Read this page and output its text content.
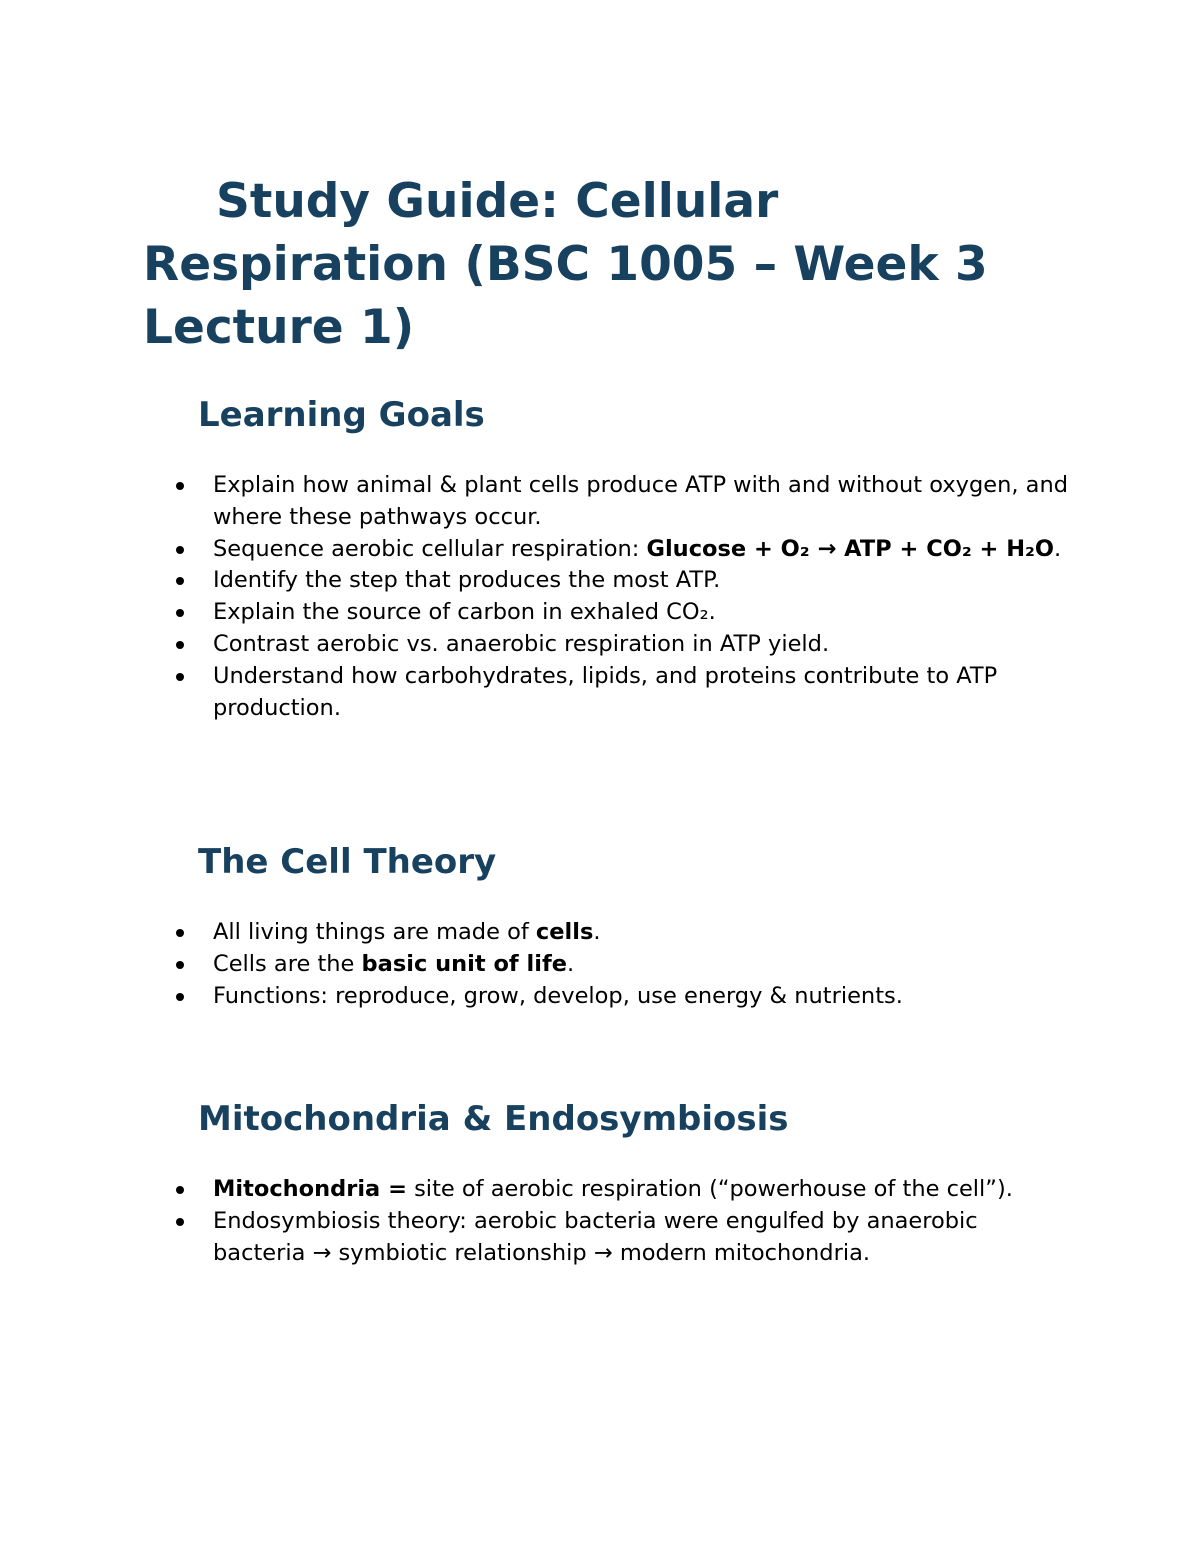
Study Guide: Cellular Respiration (BSC 1005 – Week 3 Lecture 1)
Learning Goals
Explain how animal & plant cells produce ATP with and without oxygen, and where these pathways occur.
Sequence aerobic cellular respiration: Glucose + O₂ → ATP + CO₂ + H₂O.
Identify the step that produces the most ATP.
Explain the source of carbon in exhaled CO₂.
Contrast aerobic vs. anaerobic respiration in ATP yield.
Understand how carbohydrates, lipids, and proteins contribute to ATP production.
The Cell Theory
All living things are made of cells.
Cells are the basic unit of life.
Functions: reproduce, grow, develop, use energy & nutrients.
Mitochondria & Endosymbiosis
Mitochondria = site of aerobic respiration (“powerhouse of the cell”).
Endosymbiosis theory: aerobic bacteria were engulfed by anaerobic bacteria → symbiotic relationship → modern mitochondria.
